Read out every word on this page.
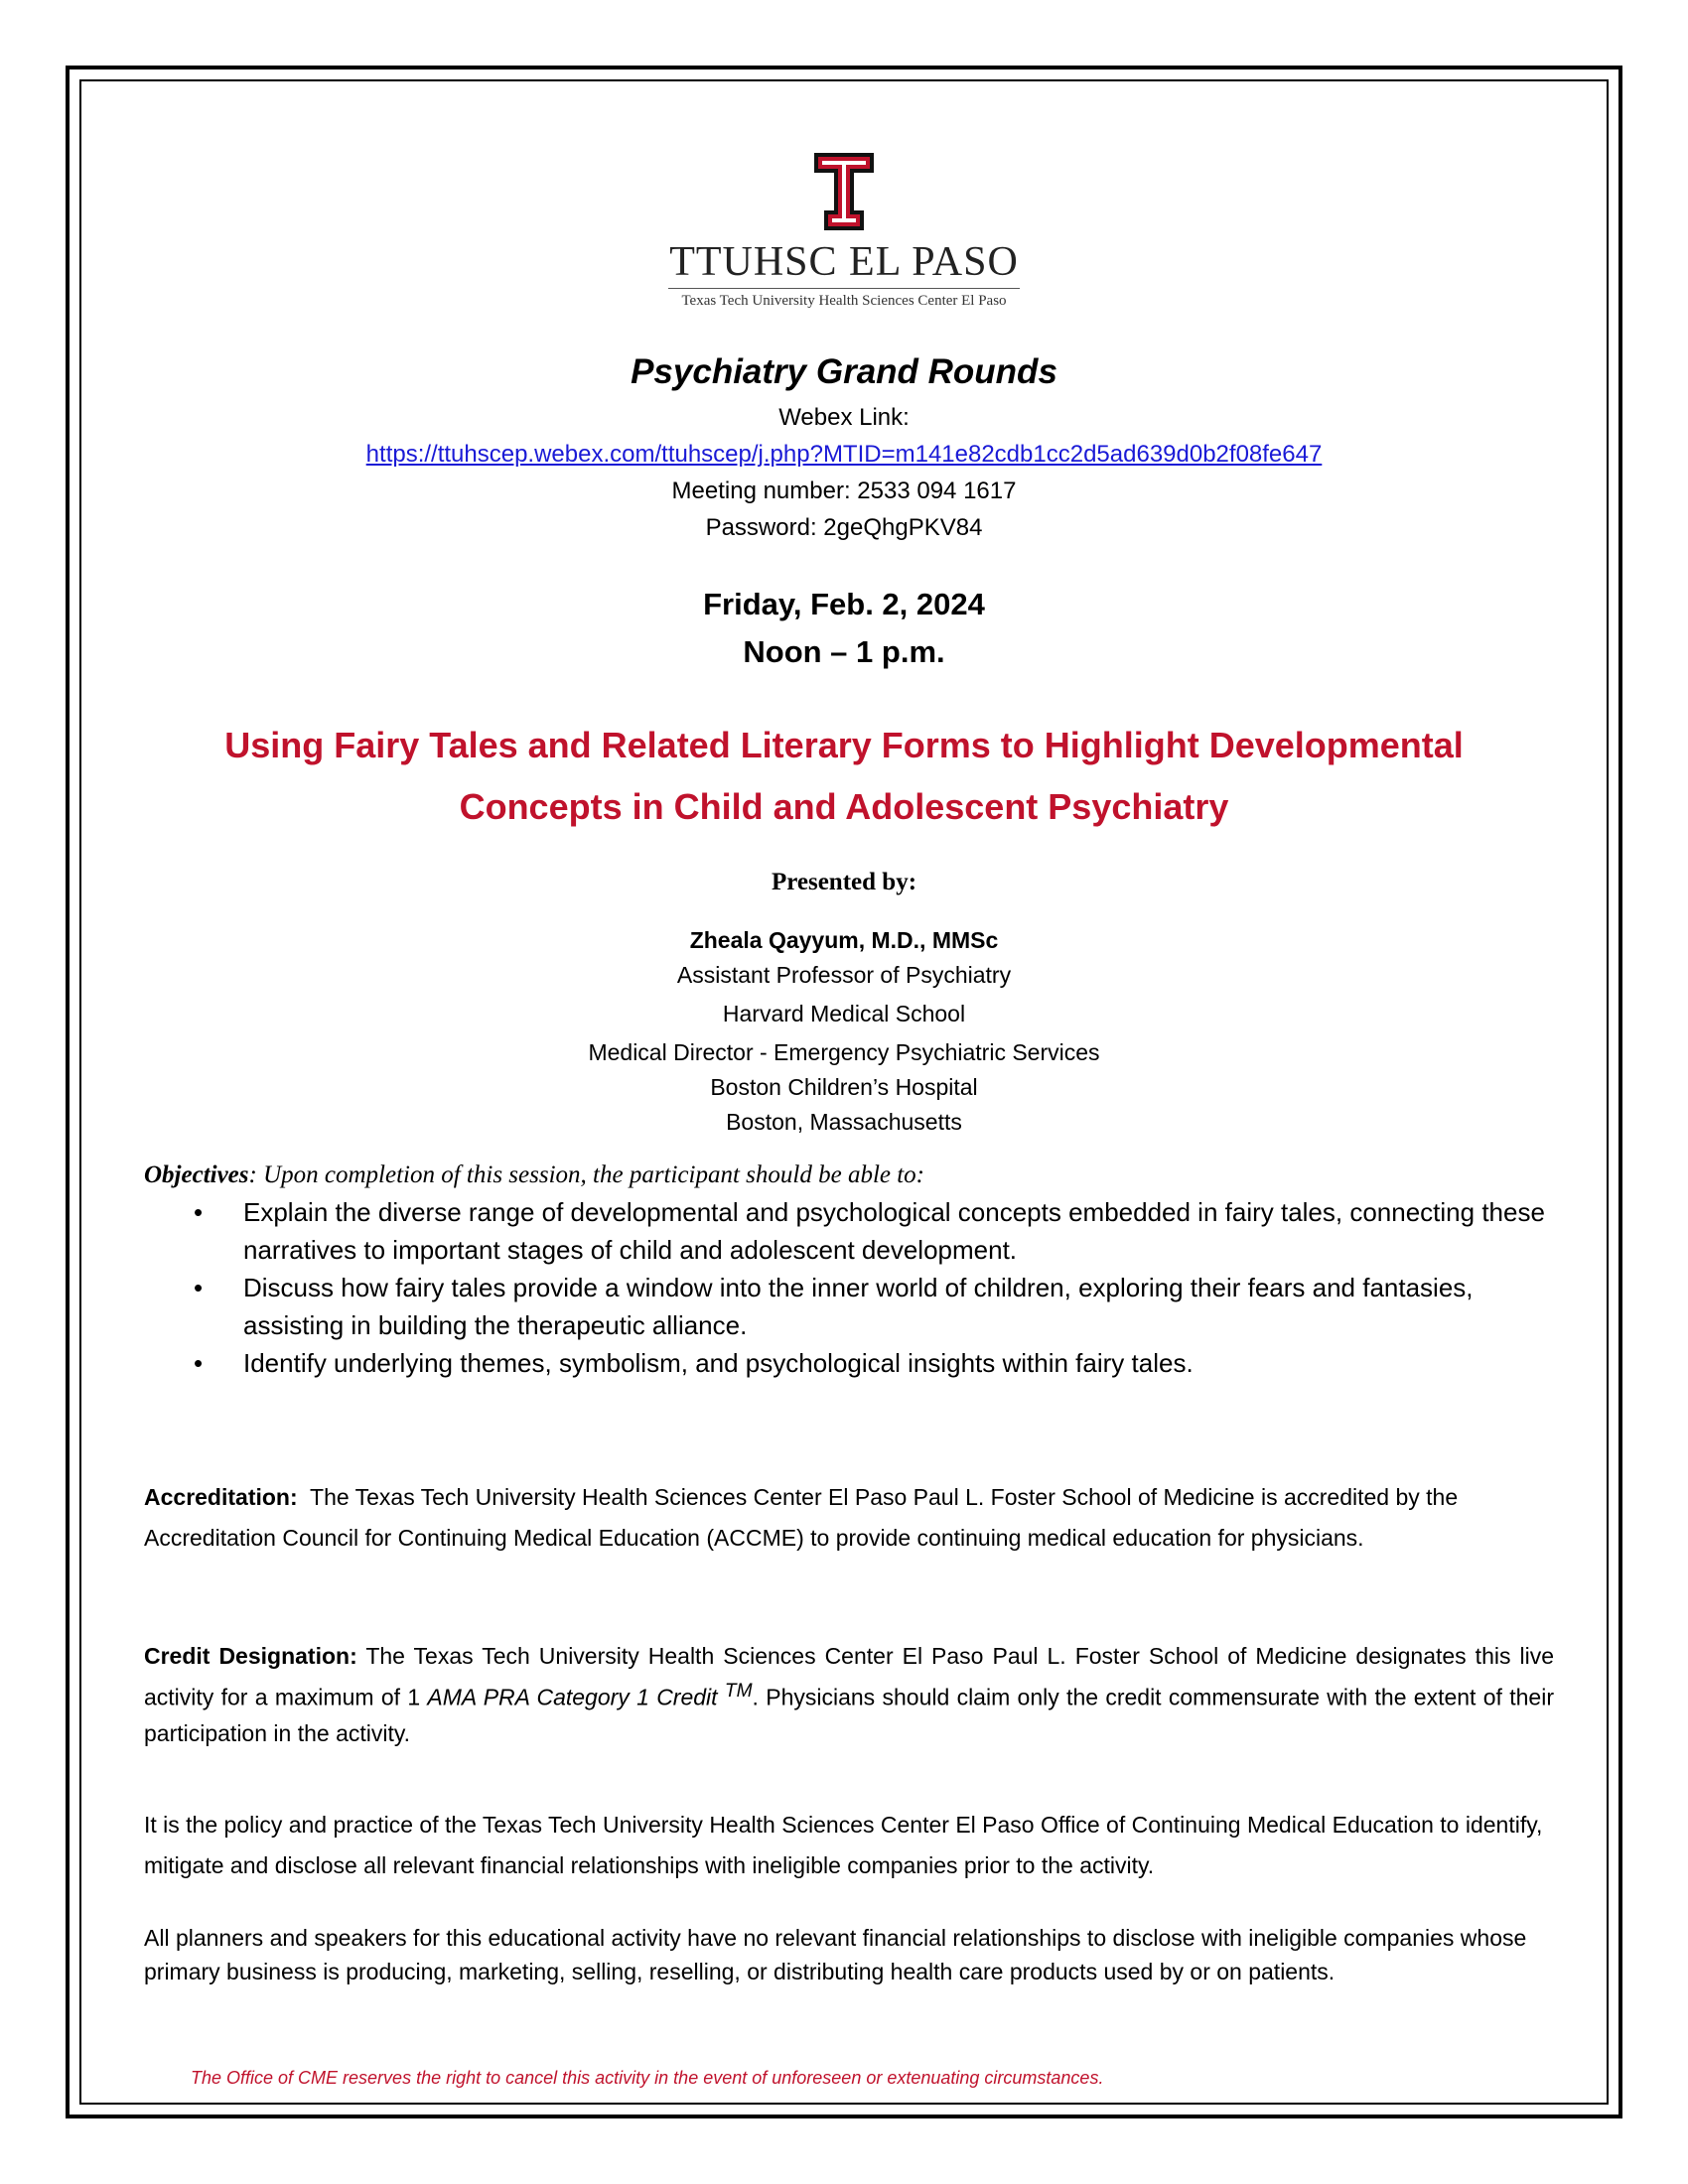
TTUHSC EL PASO
Texas Tech University Health Sciences Center El Paso
Psychiatry Grand Rounds
Webex Link:
https://ttuhscep.webex.com/ttuhscep/j.php?MTID=m141e82cdb1cc2d5ad639d0b2f08fe647
Meeting number: 2533 094 1617
Password: 2geQhgPKV84
Friday, Feb. 2, 2024
Noon – 1 p.m.
Using Fairy Tales and Related Literary Forms to Highlight Developmental
Concepts in Child and Adolescent Psychiatry
Presented by:
Zheala Qayyum, M.D., MMSc
Assistant Professor of Psychiatry
Harvard Medical School
Medical Director - Emergency Psychiatric Services
Boston Children’s Hospital
Boston, Massachusetts
Objectives: Upon completion of this session, the participant should be able to:
• Explain the diverse range of developmental and psychological concepts embedded in fairy tales, connecting these narratives to important stages of child and adolescent development.
• Discuss how fairy tales provide a window into the inner world of children, exploring their fears and fantasies, assisting in building the therapeutic alliance.
• Identify underlying themes, symbolism, and psychological insights within fairy tales.
Accreditation: The Texas Tech University Health Sciences Center El Paso Paul L. Foster School of Medicine is accredited by the Accreditation Council for Continuing Medical Education (ACCME) to provide continuing medical education for physicians.
Credit Designation: The Texas Tech University Health Sciences Center El Paso Paul L. Foster School of Medicine designates this live activity for a maximum of 1 AMA PRA Category 1 Credit ™. Physicians should claim only the credit commensurate with the extent of their participation in the activity.
It is the policy and practice of the Texas Tech University Health Sciences Center El Paso Office of Continuing Medical Education to identify, mitigate and disclose all relevant financial relationships with ineligible companies prior to the activity.
All planners and speakers for this educational activity have no relevant financial relationships to disclose with ineligible companies whose primary business is producing, marketing, selling, reselling, or distributing health care products used by or on patients.
The Office of CME reserves the right to cancel this activity in the event of unforeseen or extenuating circumstances.
